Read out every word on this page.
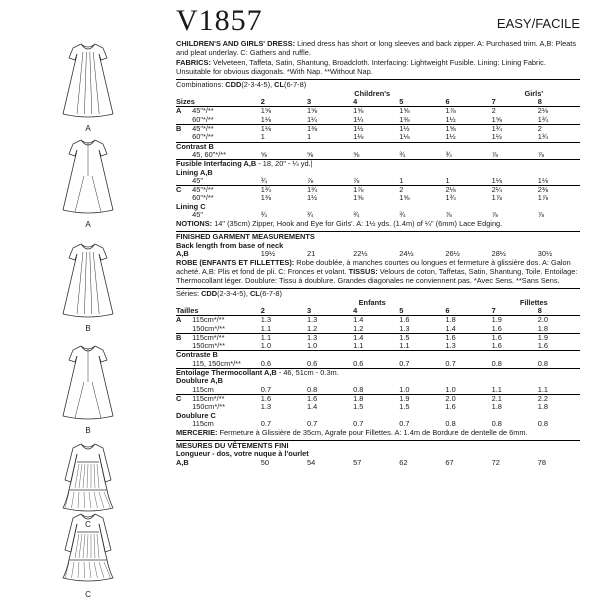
V1857	EASY/FACILE
A
A
B
B
C
C
CHILDREN'S AND GIRLS' DRESS: Lined dress has short or long sleeves and back zipper. A: Purchased trim. A,B: Pleats and pleat underlay. C: Gathers and ruffle.
FABRICS: Velveteen, Taffeta, Satin, Shantung, Broadcloth. Interfacing: Lightweight Fusible. Lining: Lining Fabric. Unsuitable for obvious diagonals. *With Nap. **Without Nap.
Combinations: CDD(2-3-4-5), CL(6-7-8)
			Children's				Girls'	
Sizes		2	3	4	5	6	7	8
A	45"*/**	1⅝	1⅝	1⅝	1⅝	1⅞	2	2⅛
	60"*/**	1⅛	1¼	1¼	1⅜	1½	1⅝	1¾
B	45"*/**	1⅛	1⅜	1½	1½	1⅝	1¾	2
	60"*/**	1	1	1⅛	1⅛	1½	1½	1¾
Contrast B								
	45, 60"*/**	⅝	⅝	⅝	¾	¾	⅞	⅞
Fusible Interfacing A,B - 18, 20" - ¼ yd.|								
Lining A,B								
	45"	¾	⅞	⅞	1	1	1⅛	1⅛
C	45"*/**	1¾	1¾	1⅞	2	2⅛	2¼	2⅜
	60"*/**	1⅜	1½	1⅝	1⅝	1¾	1⅞	1⅞
Lining C								
	45"	¾	¾	¾	¾	⅞	⅞	⅞
NOTIONS: 14" (35cm) Zipper, Hook and Eye for Girls'. A: 1½ yds. (1.4m) of ¼" (6mm) Lace Edging.
FINISHED GARMENT MEASUREMENTS
Back length from base of neck
A,B	19½	21	22½	24½	26½	28½	30½
ROBE (ENFANTS ET FILLETTES): Robe doublée, à manches courtes ou longues et fermeture à glissière dos. A: Galon acheté. A,B: Plis et fond de pli. C: Fronces et volant. TISSUS: Velours de coton, Taffetas, Satin, Shantung, Toile. Entoilage: Thermocollant léger. Doublure: Tissu à doublure. Grandes diagonales ne conviennent pas. *Avec Sens. **Sans Sens.
Séries: CDD(2-3-4-5), CL(6-7-8)
			Enfants				Fillettes	
Tailles		2	3	4	5	6	7	8
A	115cm*/**	1.3	1.3	1.4	1.6	1.8	1.9	2.0
	150cm*/**	1.1	1.2	1.2	1.3	1.4	1.6	1.8
B	115cm*/**	1.1	1.3	1.4	1.5	1.6	1.6	1.9
	150cm*/**	1.0	1.0	1.1	1.1	1.3	1.6	1.6
Contraste B								
	115, 150cm*/**	0.6	0.6	0.6	0.7	0.7	0.8	0.8
Entoilage Thermocollant A,B - 46, 51cm - 0.3m.								
Doublure A,B								
	115cm	0.7	0.8	0.8	1.0	1.0	1.1	1.1
C	115cm*/**	1.6	1.6	1.8	1.9	2.0	2.1	2.2
	150cm*/**	1.3	1.4	1.5	1.5	1.6	1.8	1.8
Doublure C								
	115cm	0.7	0.7	0.7	0.7	0.8	0.8	0.8
MERCERIE: Fermeture à Glissière de 35cm, Agrafe pour Fillettes. A: 1.4m de Bordure de dentelle de 6mm.
MESURES DU VÊTEMENTS FINI
Longueur - dos, votre nuque à l'ourlet
A,B	50	54	57	62	67	72	78
